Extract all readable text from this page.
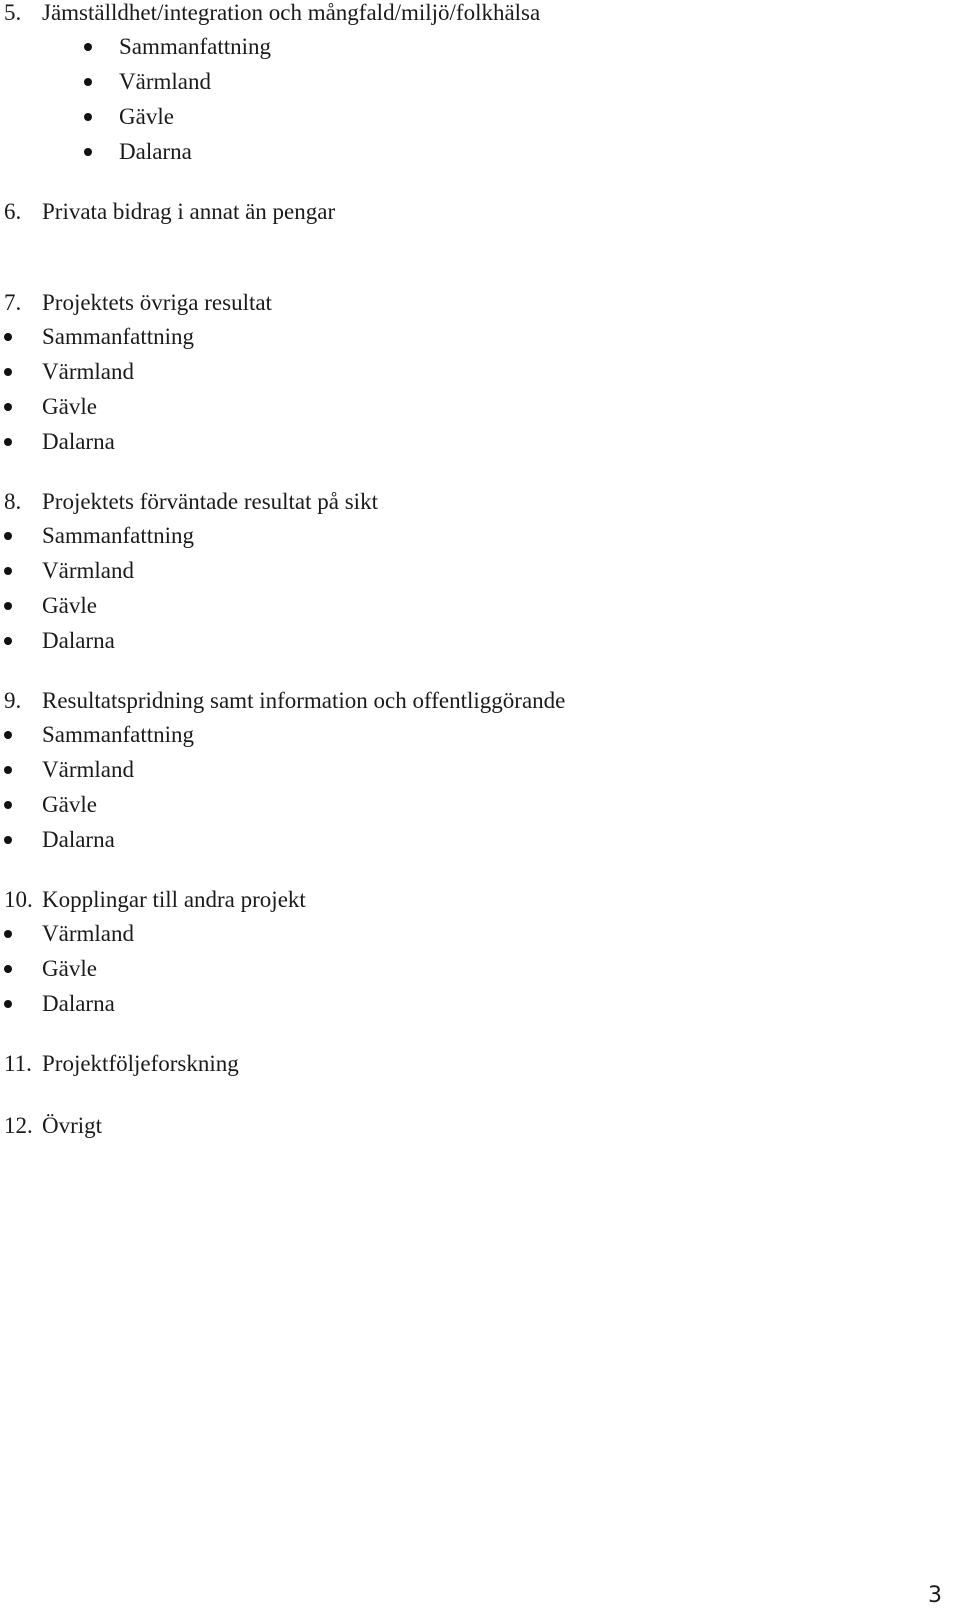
5. Jämställdhet/integration och mångfald/miljö/folkhälsa
Sammanfattning
Värmland
Gävle
Dalarna
6. Privata bidrag i annat än pengar
7. Projektets övriga resultat
Sammanfattning
Värmland
Gävle
Dalarna
8. Projektets förväntade resultat på sikt
Sammanfattning
Värmland
Gävle
Dalarna
9. Resultatspridning samt information och offentliggörande
Sammanfattning
Värmland
Gävle
Dalarna
10. Kopplingar till andra projekt
Värmland
Gävle
Dalarna
11. Projektföljeforskning
12. Övrigt
3
